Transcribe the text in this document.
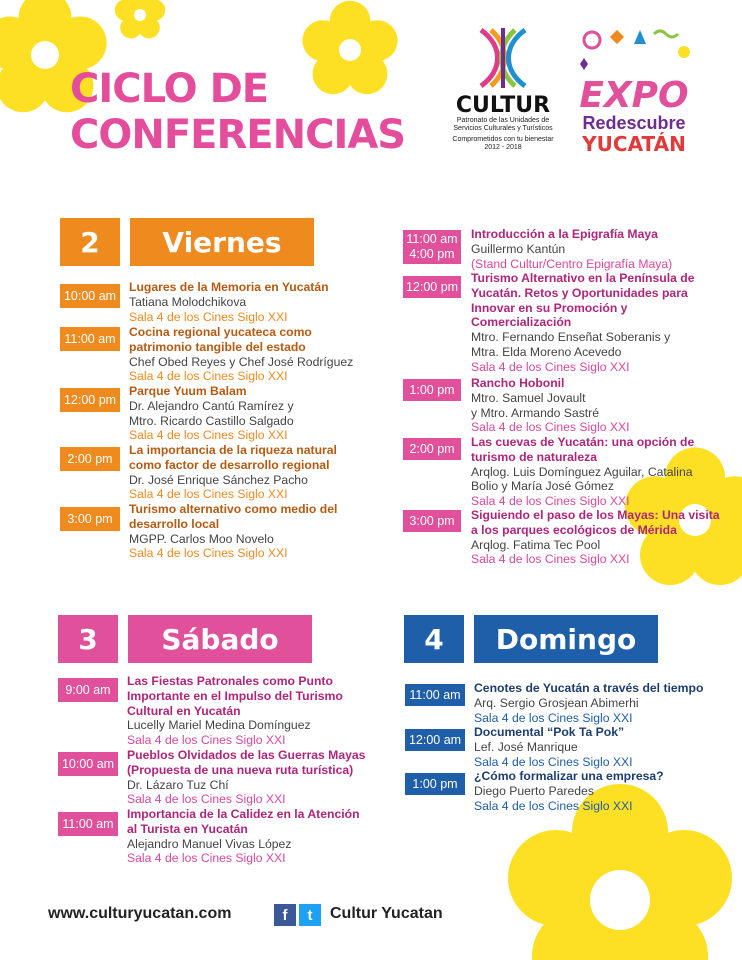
CICLO DE
CONFERENCIAS
CULTUR
Patronato de las Unidades de
Servicios Culturales y Turísticos
Comprometidos con tu bienestar
2012 - 2018
EXPO
Redescubre
YUCATÁN
2	Viernes
10:00 am
Lugares de la Memoria en Yucatán
Tatiana Molodchikova
Sala 4 de los Cines Siglo XXI
11:00 am	Cocina regional yucateca como
patrimonio tangible del estado
Chef Obed Reyes y Chef José Rodríguez
Sala 4 de los Cines Siglo XXI
12:00 pm
Parque Yuum Balam
Dr. Alejandro Cantú Ramírez y
Mtro. Ricardo Castillo Salgado
Sala 4 de los Cines Siglo XXI
2:00 pm
La importancia de la riqueza natural
como factor de desarrollo regional
Dr. José Enrique Sánchez Pacho
Sala 4 de los Cines Siglo XXI
3:00 pm
Turismo alternativo como medio del
desarrollo local
MGPP. Carlos Moo Novelo
Sala 4 de los Cines Siglo XXI
11:00 am
4:00 pm
Introducción a la Epigrafía Maya
Guillermo Kantún
(Stand Cultur/Centro Epigrafía Maya)
12:00 pm
Turismo Alternativo en la Península de
Yucatán. Retos y Oportunidades para
Innovar en su Promoción y
Comercialización
Mtro. Fernando Enseñat Soberanis y
Mtra. Elda Moreno Acevedo
Sala 4 de los Cines Siglo XXI
1:00 pm	Rancho Hobonil
Mtro. Samuel Jovault
y Mtro. Armando Sastré
Sala 4 de los Cines Siglo XXI
2:00 pm	Las cuevas de Yucatán: una opción de
turismo de naturaleza
Arqlog. Luis Domínguez Aguilar, Catalina
Bolio y María José Gómez
Sala 4 de los Cines Siglo XXI
3:00 pm	Siguiendo el paso de los Mayas: Una visita
a los parques ecológicos de Mérida
Arqlog. Fatima Tec Pool
Sala 4 de los Cines Siglo XXI
3	Sábado
9:00 am
Las Fiestas Patronales como Punto
Importante en el Impulso del Turismo
Cultural en Yucatán
Lucelly Mariel Medina Domínguez
Sala 4 de los Cines Siglo XXI
10:00 am
Pueblos Olvidados de las Guerras Mayas
(Propuesta de una nueva ruta turística)
Dr. Lázaro Tuz Chí
Sala 4 de los Cines Siglo XXI
11:00 am
Importancia de la Calidez en la Atención
al Turista en Yucatán
Alejandro Manuel Vivas López
Sala 4 de los Cines Siglo XXI
4	Domingo
11:00 am	Cenotes de Yucatán a través del tiempo
Arq. Sergio Grosjean Abimerhi
Sala 4 de los Cines Siglo XXI
12:00 am
Documental “Pok Ta Pok”
Lef. José Manrique
Sala 4 de los Cines Siglo XXI
1:00 pm
¿Cómo formalizar una empresa?
Diego Puerto Paredes
Sala 4 de los Cines Siglo XXI
www.culturyucatan.com	f	t	Cultur Yucatan
